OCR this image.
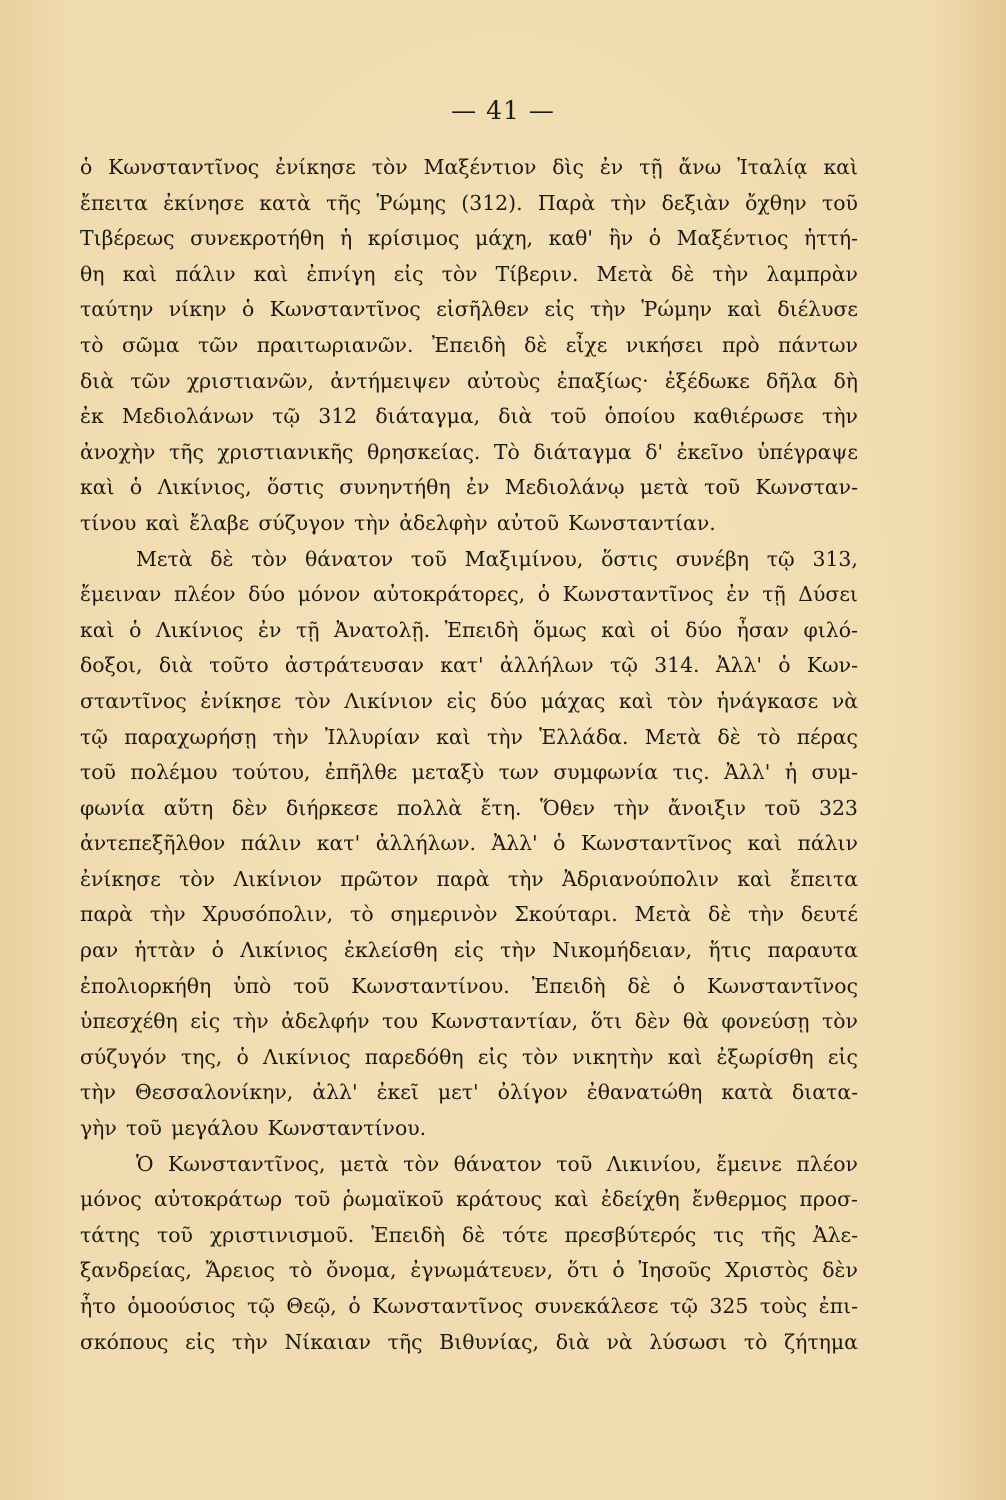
— 41 —
ὁ Κωνσταντῖνος ἐνίκησε τὸν Μαξέντιον δὶς ἐν τῇ ἄνω Ἰταλίᾳ καὶ
ἔπειτα ἐκίνησε κατὰ τῆς Ῥώμης (312). Παρὰ τὴν δεξιὰν ὄχθην τοῦ
Τιβέρεως συνεκροτήθη ἡ κρίσιμος μάχη, καθ' ἣν ὁ Μαξέντιος ἡττή-
θη καὶ πάλιν καὶ ἐπνίγη εἰς τὸν Τίβεριν. Μετὰ δὲ τὴν λαμπρὰν
ταύτην νίκην ὁ Κωνσταντῖνος εἰσῆλθεν εἰς τὴν Ῥώμην καὶ διέλυσε
τὸ σῶμα τῶν πραιτωριανῶν. Ἐπειδὴ δὲ εἶχε νικήσει πρὸ πάντων
διὰ τῶν χριστιανῶν, ἀντήμειψεν αὐτοὺς ἐπαξίως· ἐξέδωκε δῆλα δὴ
ἐκ Μεδιολάνων τῷ 312 διάταγμα, διὰ τοῦ ὁποίου καθιέρωσε τὴν
ἀνοχὴν τῆς χριστιανικῆς θρησκείας. Τὸ διάταγμα δ' ἐκεῖνο ὑπέγραψε
καὶ ὁ Λικίνιος, ὅστις συνηντήθη ἐν Μεδιολάνῳ μετὰ τοῦ Κωνσταν-
τίνου καὶ ἔλαβε σύζυγον τὴν ἀδελφὴν αὐτοῦ Κωνσταντίαν.
Μετὰ δὲ τὸν θάνατον τοῦ Μαξιμίνου, ὅστις συνέβη τῷ 313,
ἔμειναν πλέον δύο μόνον αὐτοκράτορες, ὁ Κωνσταντῖνος ἐν τῇ Δύσει
καὶ ὁ Λικίνιος ἐν τῇ Ἀνατολῇ. Ἐπειδὴ ὅμως καὶ οἱ δύο ἦσαν φιλό-
δοξοι, διὰ τοῦτο ἀστράτευσαν κατ' ἀλλήλων τῷ 314. Ἀλλ' ὁ Κων-
σταντῖνος ἐνίκησε τὸν Λικίνιον εἰς δύο μάχας καὶ τὸν ἠνάγκασε νὰ
τῷ παραχωρήσῃ τὴν Ἰλλυρίαν καὶ τὴν Ἑλλάδα. Μετὰ δὲ τὸ πέρας
τοῦ πολέμου τούτου, ἐπῆλθε μεταξὺ των συμφωνία τις. Ἀλλ' ἡ συμ-
φωνία αὕτη δὲν διήρκεσε πολλὰ ἔτη. Ὅθεν τὴν ἄνοιξιν τοῦ 323
ἀντεπεξῆλθον πάλιν κατ' ἀλλήλων. Ἀλλ' ὁ Κωνσταντῖνος καὶ πάλιν
ἐνίκησε τὸν Λικίνιον πρῶτον παρὰ τὴν Ἀδριανούπολιν καὶ ἔπειτα
παρὰ τὴν Χρυσόπολιν, τὸ σημερινὸν Σκούταρι. Μετὰ δὲ τὴν δευτέ
ραν ἡττὰν ὁ Λικίνιος ἐκλείσθη εἰς τὴν Νικομήδειαν, ἥτις παραυτα
ἐπολιορκήθη ὑπὸ τοῦ Κωνσταντίνου. Ἐπειδὴ δὲ ὁ Κωνσταντῖνος
ὑπεσχέθη εἰς τὴν ἀδελφήν του Κωνσταντίαν, ὅτι δὲν θὰ φονεύσῃ τὸν
σύζυγόν της, ὁ Λικίνιος παρεδόθη εἰς τὸν νικητὴν καὶ ἐξωρίσθη εἰς
τὴν Θεσσαλονίκην, ἀλλ' ἐκεῖ μετ' ὀλίγον ἐθανατώθη κατὰ διατα-
γὴν τοῦ μεγάλου Κωνσταντίνου.
Ὁ Κωνσταντῖνος, μετὰ τὸν θάνατον τοῦ Λικινίου, ἔμεινε πλέον
μόνος αὐτοκράτωρ τοῦ ῥωμαϊκοῦ κράτους καὶ ἐδείχθη ἔνθερμος προσ-
τάτης τοῦ χριστινισμοῦ. Ἐπειδὴ δὲ τότε πρεσβύτερός τις τῆς Ἀλε-
ξανδρείας, Ἄρειος τὸ ὄνομα, ἐγνωμάτευεν, ὅτι ὁ Ἰησοῦς Χριστὸς δὲν
ἦτο ὁμοούσιος τῷ Θεῷ, ὁ Κωνσταντῖνος συνεκάλεσε τῷ 325 τοὺς ἐπι-
σκόπους εἰς τὴν Νίκαιαν τῆς Βιθυνίας, διὰ νὰ λύσωσι τὸ ζήτημα
